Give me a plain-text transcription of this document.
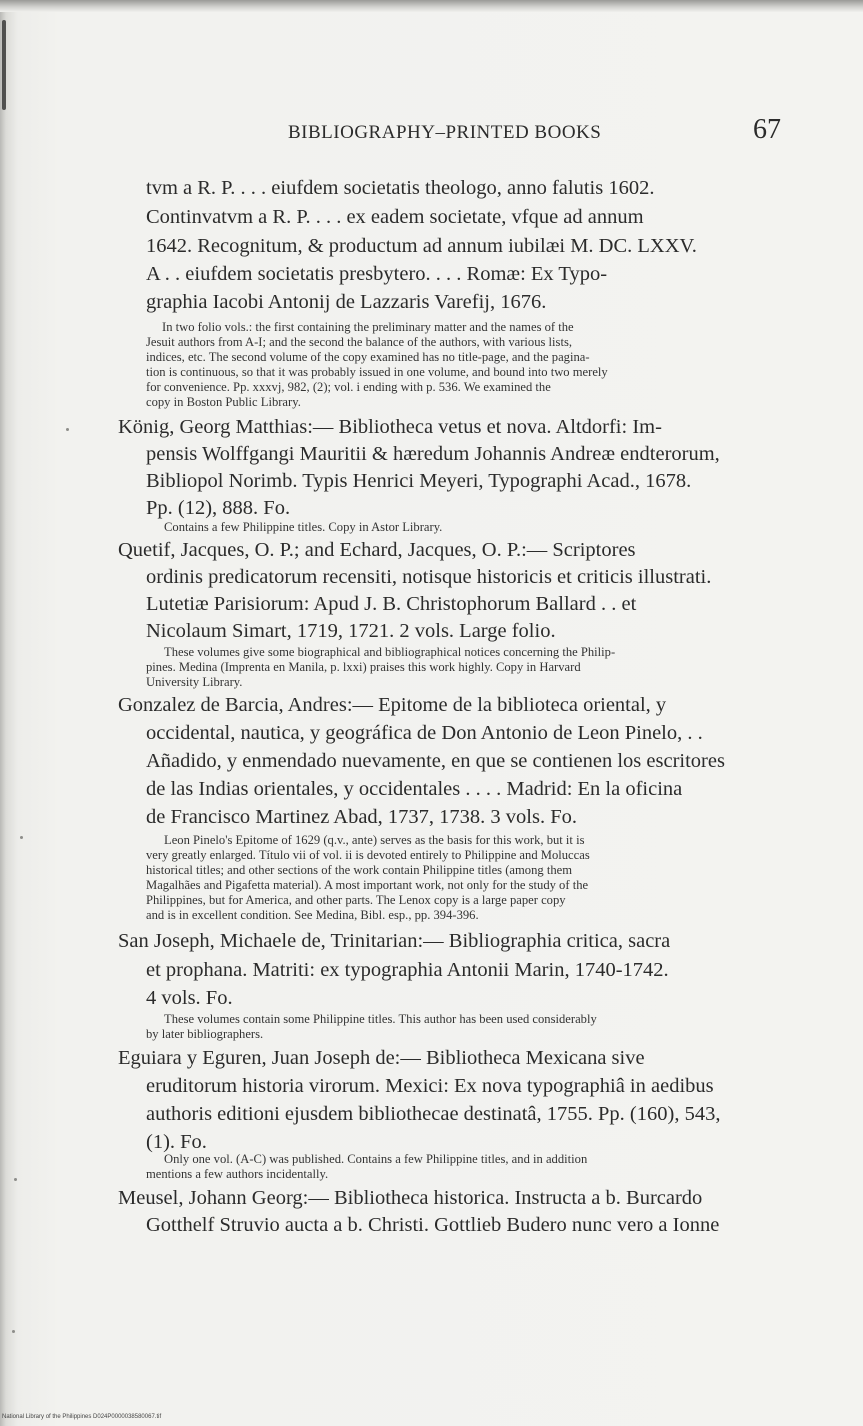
BIBLIOGRAPHY–PRINTED BOOKS	67
tvm a R. P. . . . eiufdem societatis theologo, anno falutis 1602.
Continvatvm a R. P. . . . ex eadem societate, vfque ad annum
1642. Recognitum, & productum ad annum iubilæi M. DC. LXXV.
A . . eiufdem societatis presbytero. . . . Romæ: Ex Typo-
graphia Iacobi Antonij de Lazzaris Varefij, 1676.
In two folio vols.: the first containing the preliminary matter and the names of the
Jesuit authors from A-I; and the second the balance of the authors, with various lists,
indices, etc. The second volume of the copy examined has no title-page, and the pagina-
tion is continuous, so that it was probably issued in one volume, and bound into two merely
for convenience. Pp. xxxvj, 982, (2); vol. i ending with p. 536. We examined the
copy in Boston Public Library.
König, Georg Matthias:— Bibliotheca vetus et nova. Altdorfi: Im-
pensis Wolffgangi Mauritii & hæredum Johannis Andreæ endterorum,
Bibliopol Norimb. Typis Henrici Meyeri, Typographi Acad., 1678.
Pp. (12), 888. Fo.
Contains a few Philippine titles. Copy in Astor Library.
Quetif, Jacques, O. P.; and Echard, Jacques, O. P.:— Scriptores
ordinis predicatorum recensiti, notisque historicis et criticis illustrati.
Lutetiæ Parisiorum: Apud J. B. Christophorum Ballard . . et
Nicolaum Simart, 1719, 1721. 2 vols. Large folio.
These volumes give some biographical and bibliographical notices concerning the Philip-
pines. Medina (Imprenta en Manila, p. lxxi) praises this work highly. Copy in Harvard
University Library.
Gonzalez de Barcia, Andres:— Epitome de la biblioteca oriental, y
occidental, nautica, y geográfica de Don Antonio de Leon Pinelo, . .
Añadido, y enmendado nuevamente, en que se contienen los escritores
de las Indias orientales, y occidentales . . . . Madrid: En la oficina
de Francisco Martinez Abad, 1737, 1738. 3 vols. Fo.
Leon Pinelo's Epitome of 1629 (q.v., ante) serves as the basis for this work, but it is
very greatly enlarged. Título vii of vol. ii is devoted entirely to Philippine and Moluccas
historical titles; and other sections of the work contain Philippine titles (among them
Magalhães and Pigafetta material). A most important work, not only for the study of the
Philippines, but for America, and other parts. The Lenox copy is a large paper copy
and is in excellent condition. See Medina, Bibl. esp., pp. 394-396.
San Joseph, Michaele de, Trinitarian:— Bibliographia critica, sacra
et prophana. Matriti: ex typographia Antonii Marin, 1740-1742.
4 vols. Fo.
These volumes contain some Philippine titles. This author has been used considerably
by later bibliographers.
Eguiara y Eguren, Juan Joseph de:— Bibliotheca Mexicana sive
eruditorum historia virorum. Mexici: Ex nova typographiâ in aedibus
authoris editioni ejusdem bibliothecae destinatâ, 1755. Pp. (160), 543,
(1). Fo.
Only one vol. (A-C) was published. Contains a few Philippine titles, and in addition
mentions a few authors incidentally.
Meusel, Johann Georg:— Bibliotheca historica. Instructa a b. Burcardo
Gotthelf Struvio aucta a b. Christi. Gottlieb Budero nunc vero a Ionne
National Library of the Philippines D024P0000038580067.tif
